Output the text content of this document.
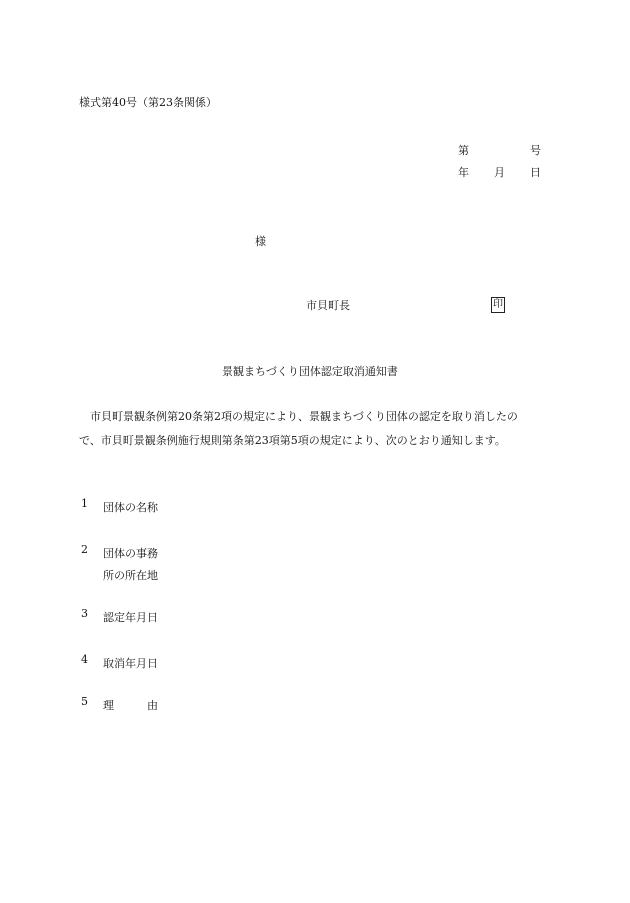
様式第40号（第23条関係）
第	号
年 月 日
様
市貝町長	印
景観まちづくり団体認定取消通知書
市貝町景観条例第20条第2項の規定により、景観まちづくり団体の認定を取り消したの
で、市貝町景観条例施行規則第条第23項第5項の規定により、次のとおり通知します。
1 団体の名称
2 団体の事務
所の所在地
3 認定年月日
4 取消年月日
5 理　　　由
